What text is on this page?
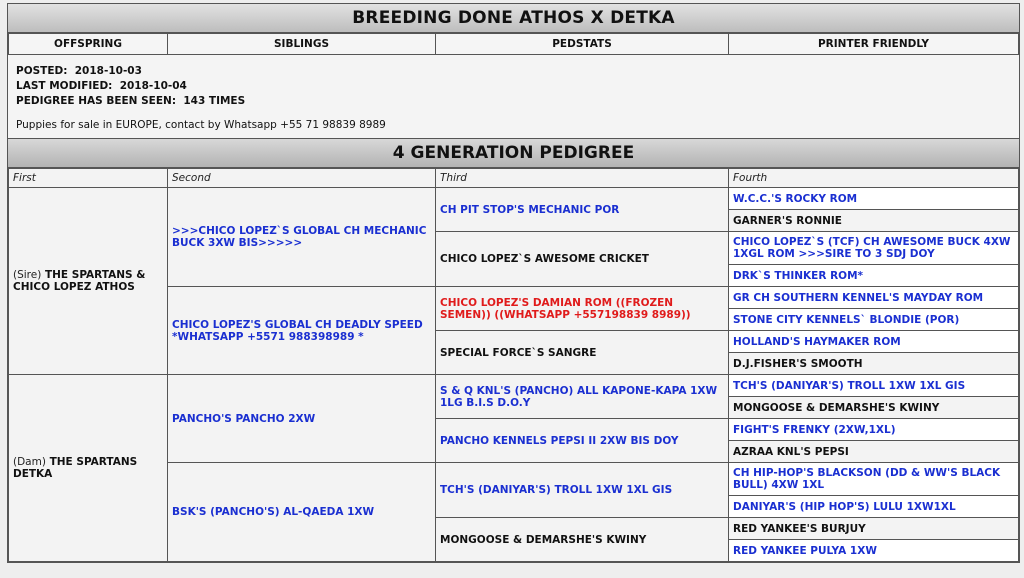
BREEDING DONE ATHOS X DETKA
OFFSPRING	SIBLINGS	PEDSTATS	PRINTER FRIENDLY
POSTED: 2018-10-03
LAST MODIFIED: 2018-10-04
PEDIGREE HAS BEEN SEEN: 143 TIMES
Puppies for sale in EUROPE, contact by Whatsapp +55 71 98839 8989
4 GENERATION PEDIGREE
First	Second	Third	Fourth
(Sire) THE SPARTANS & CHICO LOPEZ ATHOS	>>>CHICO LOPEZ`S GLOBAL CH MECHANIC BUCK 3XW BIS>>>>>	CH PIT STOP'S MECHANIC POR	W.C.C.'S ROCKY ROM
			GARNER'S RONNIE
		CHICO LOPEZ`S AWESOME CRICKET	CHICO LOPEZ`S (TCF) CH AWESOME BUCK 4XW 1XGL ROM >>>SIRE TO 3 SDJ DOY
			DRK`S THINKER ROM*
	CHICO LOPEZ'S GLOBAL CH DEADLY SPEED *WHATSAPP +5571 988398989 *	CHICO LOPEZ'S DAMIAN ROM ((FROZEN SEMEN)) ((WHATSAPP +557198839 8989))	GR CH SOUTHERN KENNEL'S MAYDAY ROM
			STONE CITY KENNELS` BLONDIE (POR)
		SPECIAL FORCE`S SANGRE	HOLLAND'S HAYMAKER ROM
			D.J.FISHER'S SMOOTH
(Dam) THE SPARTANS DETKA	PANCHO'S PANCHO 2XW	S & Q KNL'S (PANCHO) ALL KAPONE-KAPA 1XW 1LG B.I.S D.O.Y	TCH'S (DANIYAR'S) TROLL 1XW 1XL GIS
			MONGOOSE & DEMARSHE'S KWINY
		PANCHO KENNELS PEPSI II 2XW BIS DOY	FIGHT'S FRENKY (2XW,1XL)
			AZRAA KNL'S PEPSI
	BSK'S (PANCHO'S) AL-QAEDA 1XW	TCH'S (DANIYAR'S) TROLL 1XW 1XL GIS	CH HIP-HOP'S BLACKSON (DD & WW'S BLACK BULL) 4XW 1XL
			DANIYAR'S (HIP HOP'S) LULU 1XW1XL
		MONGOOSE & DEMARSHE'S KWINY	RED YANKEE'S BURJUY
			RED YANKEE PULYA 1XW
